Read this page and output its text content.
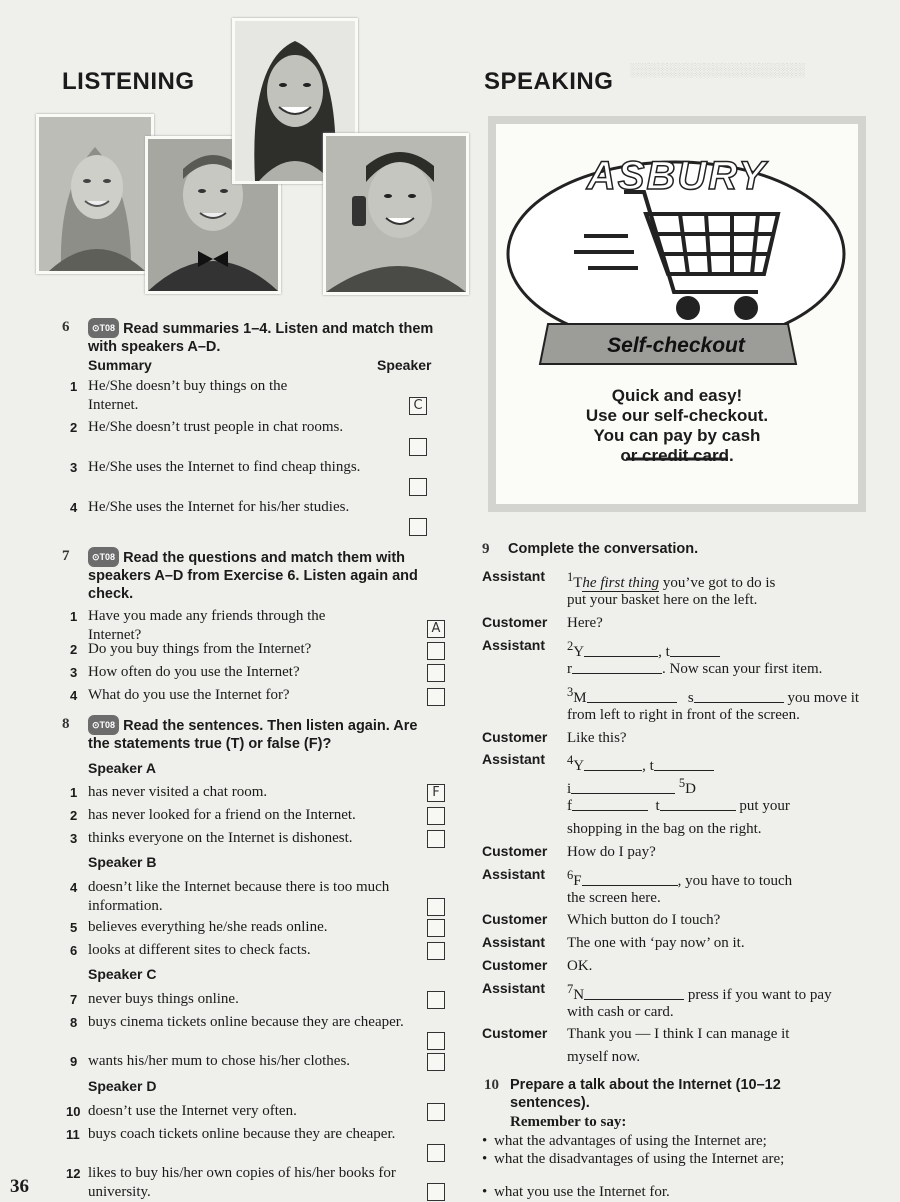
░░░░░░░░░░░░░░░░░░░
LISTENING
6	⊙T08 Read summaries 1–4. Listen and match them with speakers A–D.
Summary	Speaker
1 He/She doesn’t buy things on the Internet.	C
2 He/She doesn’t trust people in chat rooms.
3 He/She uses the Internet to find cheap things.
4 He/She uses the Internet for his/her studies.
7	⊙T08 Read the questions and match them with speakers A–D from Exercise 6. Listen again and check.
1 Have you made any friends through the Internet?	A
2 Do you buy things from the Internet?
3 How often do you use the Internet?
4 What do you use the Internet for?
8	⊙T08 Read the sentences. Then listen again. Are the statements true (T) or false (F)?
Speaker A
1 has never visited a chat room.	F
2 has never looked for a friend on the Internet.
3 thinks everyone on the Internet is dishonest.
Speaker B
4 doesn’t like the Internet because there is too much information.
5 believes everything he/she reads online.
6 looks at different sites to check facts.
Speaker C
7 never buys things online.
8 buys cinema tickets online because they are cheaper.
9 wants his/her mum to chose his/her clothes.
Speaker D
10 doesn’t use the Internet very often.
11 buys coach tickets online because they are cheaper.
12 likes to buy his/her own copies of his/her books for university.
SPEAKING
ASBURY
Self-checkout
Quick and easy!
Use our self-checkout.
You can pay by cash
or credit card.
9 Complete the conversation.
Assistant $^1$The first thing you’ve got to do is
put your basket here on the left.
Customer Here?
Assistant $^2$Y	, t
r	. Now scan your first item.
$^3$M	s	you move it
from left to right in front of the screen.
Customer Like this?
Assistant $^4$Y	, t
i	$^5$D
f	t	put your
shopping in the bag on the right.
Customer How do I pay?
Assistant $^6$F	, you have to touch
the screen here.
Customer Which button do I touch?
Assistant The one with ‘pay now’ on it.
Customer OK.
Assistant $^7$N	press if you want to pay
with cash or card.
Customer Thank you — I think I can manage it
myself now.
10 Prepare a talk about the Internet (10–12 sentences).
Remember to say:
• what the advantages of using the Internet are;
• what the disadvantages of using the Internet are;
• what you use the Internet for.
36
